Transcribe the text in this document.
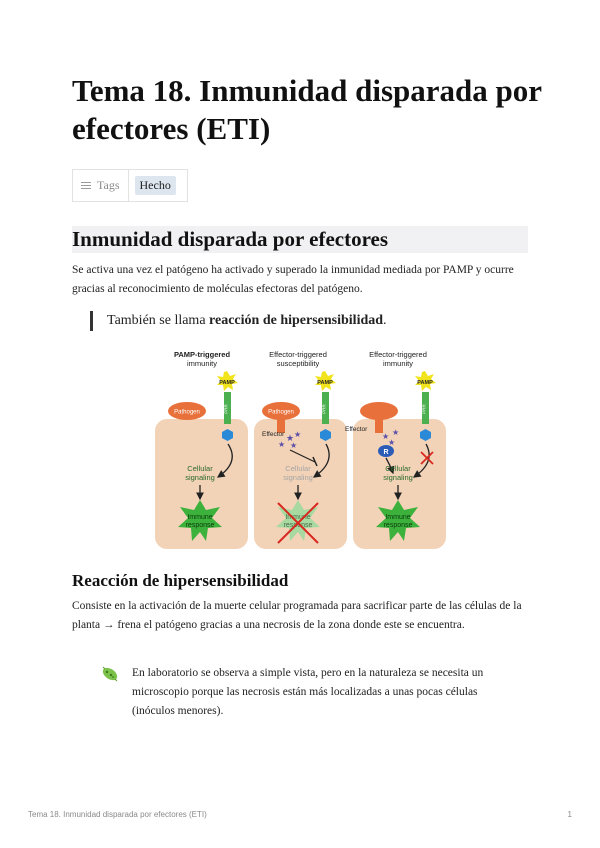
Tema 18. Inmunidad disparada por efectores (ETI)
Tags	Hecho
Inmunidad disparada por efectores

Se activa una vez el patógeno ha activado y superado la inmunidad mediada por PAMP y ocurre gracias al reconocimiento de moléculas efectoras del patógeno.

También se llama reacción de hipersensibilidad.
PAMP-triggered
immunity
Effector-triggered
susceptibility
Effector-triggered
immunity
Pathogen
PAMP
PRR
Cellular
signaling
Immune
response
Pathogen
PAMP
PRR
Effector ★ ★
★
★
Cellular
signaling
Immune
response
PAMP
PRR
Effector
★ ★
★
R
Cellular
signaling
Immune
response
Reacción de hipersensibilidad

Consiste en la activación de la muerte celular programada para sacrificar parte de las células de la planta → frena el patógeno gracias a una necrosis de la zona donde este se encuentra.

En laboratorio se observa a simple vista, pero en la naturaleza se necesita un microscopio porque las necrosis están más localizadas a unas pocas células (inóculos menores).

Tema 18. Inmunidad disparada por efectores (ETI)	1
